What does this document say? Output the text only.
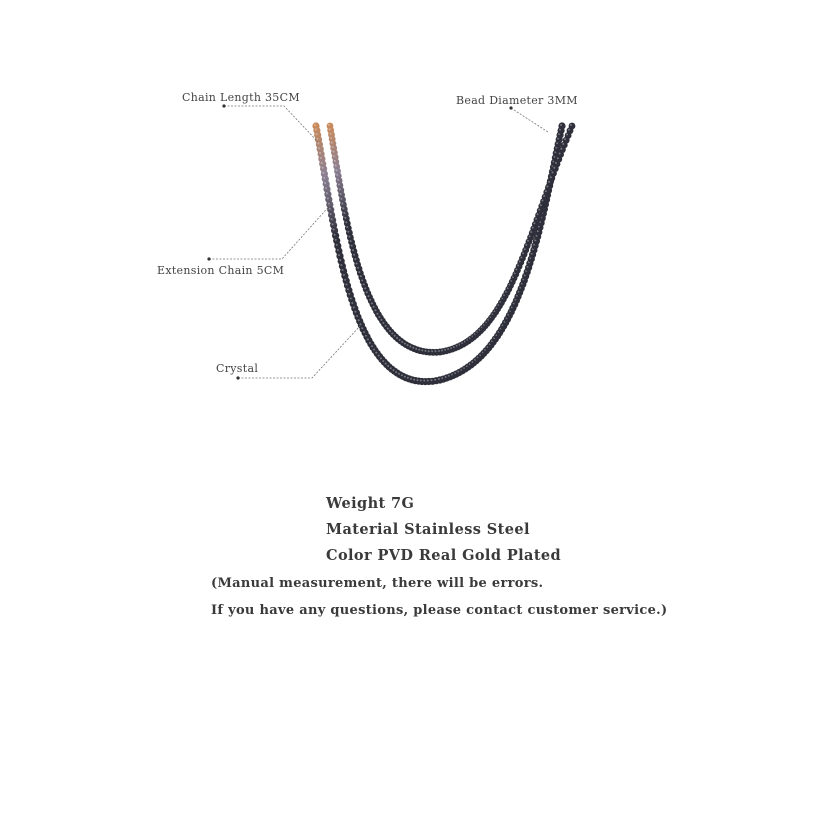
Chain Length 35CM	Bead Diameter 3MM
Extension Chain 5CM
Crystal
Weight 7G
Material Stainless Steel
Color PVD Real Gold Plated
(Manual measurement, there will be errors.
If you have any questions, please contact customer service.)
